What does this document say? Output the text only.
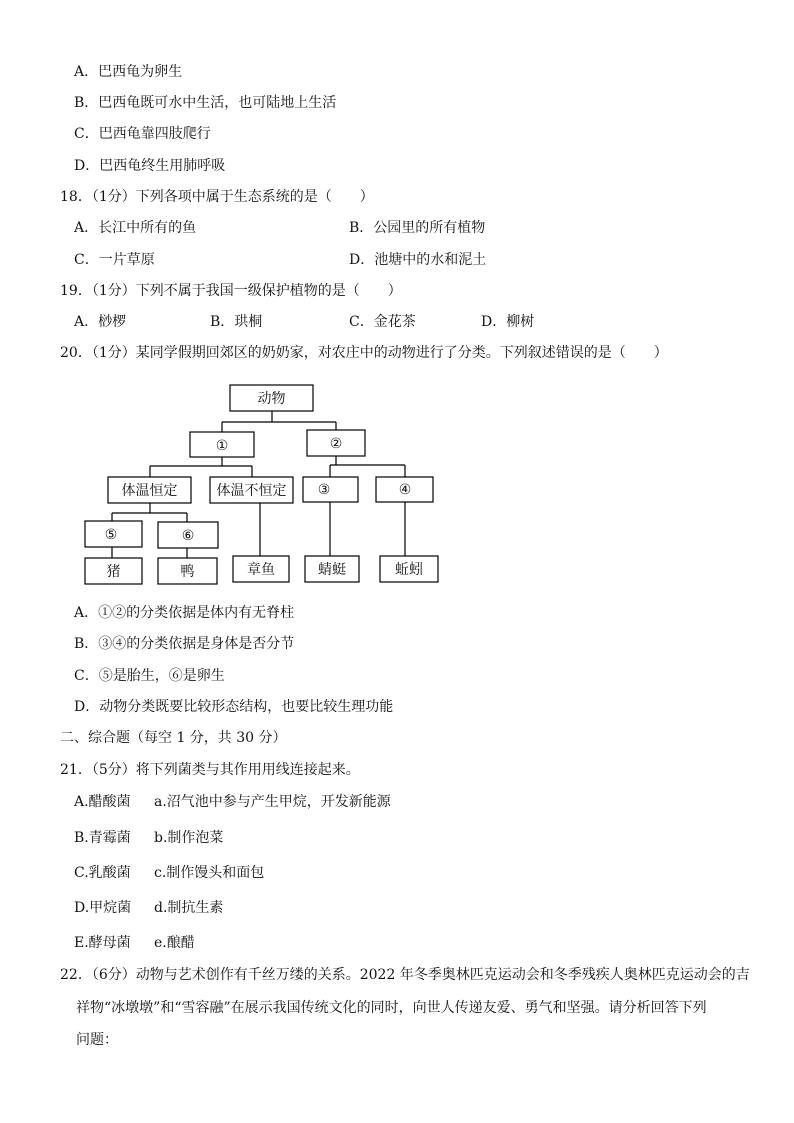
A．巴西龟为卵生
B．巴西龟既可水中生活，也可陆地上生活
C．巴西龟靠四肢爬行
D．巴西龟终生用肺呼吸
18．（1分）下列各项中属于生态系统的是（　　）
A．长江中所有的鱼	B．公园里的所有植物
C．一片草原	D．池塘中的水和泥土
19．（1分）下列不属于我国一级保护植物的是（　　）
A．桫椤	B．珙桐	C．金花茶	D．柳树
20．（1分）某同学假期回郊区的奶奶家，对农庄中的动物进行了分类。下列叙述错误的是（　　）
动物
①	②
体温恒定	体温不恒定 ③	④
⑤	⑥
猪	鸭	章鱼	蜻蜓	蚯蚓
A．①②的分类依据是体内有无脊柱
B．③④的分类依据是身体是否分节
C．⑤是胎生，⑥是卵生
D．动物分类既要比较形态结构，也要比较生理功能
二、综合题（每空 1 分，共 30 分）
21．（5分）将下列菌类与其作用用线连接起来。
A.醋酸菌 a.沼气池中参与产生甲烷，开发新能源
B.青霉菌 b.制作泡菜
C.乳酸菌 c.制作馒头和面包
D.甲烷菌 d.制抗生素
E.酵母菌 e.酿醋
22．（6分）动物与艺术创作有千丝万缕的关系。2022 年冬季奥林匹克运动会和冬季残疾人奥林匹克运动会的吉
祥物“冰墩墩”和“雪容融”在展示我国传统文化的同时，向世人传递友爱、勇气和坚强。请分析回答下列
问题：
